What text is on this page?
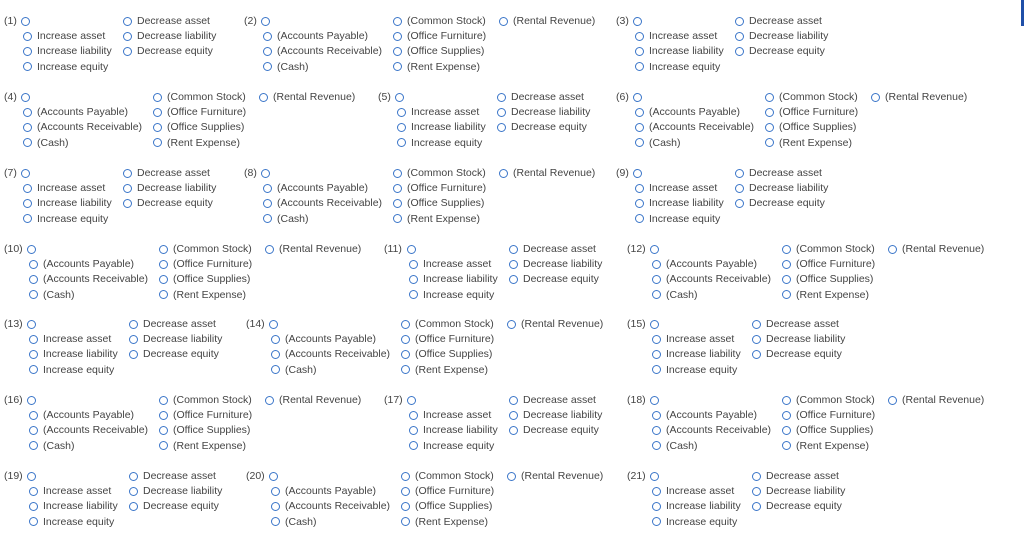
(1)
Increase asset
Increase liability
Increase equity
Decrease asset
Decrease liability
Decrease equity
(2)
(Accounts Payable)
(Accounts Receivable)
(Cash)
(Common Stock)
(Office Furniture)
(Office Supplies)
(Rent Expense)
(Rental Revenue) (3)
Increase asset
Increase liability
Increase equity
Decrease asset
Decrease liability
Decrease equity
(4)
(Accounts Payable)
(Accounts Receivable)
(Cash)
(Common Stock)
(Office Furniture)
(Office Supplies)
(Rent Expense)
(Rental Revenue) (5)
Increase asset
Increase liability
Increase equity
Decrease asset
Decrease liability
Decrease equity
(6)
(Accounts Payable)
(Accounts Receivable)
(Cash)
(Common Stock)
(Office Furniture)
(Office Supplies)
(Rent Expense)
(Rental Revenue)
(7)
Increase asset
Increase liability
Increase equity
Decrease asset
Decrease liability
Decrease equity
(8)
(Accounts Payable)
(Accounts Receivable)
(Cash)
(Common Stock)
(Office Furniture)
(Office Supplies)
(Rent Expense)
(Rental Revenue) (9)
Increase asset
Increase liability
Increase equity
Decrease asset
Decrease liability
Decrease equity
(10)
(Accounts Payable)
(Accounts Receivable)
(Cash)
(Common Stock)
(Office Furniture)
(Office Supplies)
(Rent Expense)
(Rental Revenue) (11)
Increase asset
Increase liability
Increase equity
Decrease asset
Decrease liability
Decrease equity
(12)
(Accounts Payable)
(Accounts Receivable)
(Cash)
(Common Stock)
(Office Furniture)
(Office Supplies)
(Rent Expense)
(Rental Revenue)
(13)
Increase asset
Increase liability
Increase equity
Decrease asset
Decrease liability
Decrease equity
(14)
(Accounts Payable)
(Accounts Receivable)
(Cash)
(Common Stock)
(Office Furniture)
(Office Supplies)
(Rent Expense)
(Rental Revenue) (15)
Increase asset
Increase liability
Increase equity
Decrease asset
Decrease liability
Decrease equity
(16)
(Accounts Payable)
(Accounts Receivable)
(Cash)
(Common Stock)
(Office Furniture)
(Office Supplies)
(Rent Expense)
(Rental Revenue) (17)
Increase asset
Increase liability
Increase equity
Decrease asset
Decrease liability
Decrease equity
(18)
(Accounts Payable)
(Accounts Receivable)
(Cash)
(Common Stock)
(Office Furniture)
(Office Supplies)
(Rent Expense)
(Rental Revenue)
(19)
Increase asset
Increase liability
Increase equity
Decrease asset
Decrease liability
Decrease equity
(20)
(Accounts Payable)
(Accounts Receivable)
(Cash)
(Common Stock)
(Office Furniture)
(Office Supplies)
(Rent Expense)
(Rental Revenue) (21)
Increase asset
Increase liability
Increase equity
Decrease asset
Decrease liability
Decrease equity
